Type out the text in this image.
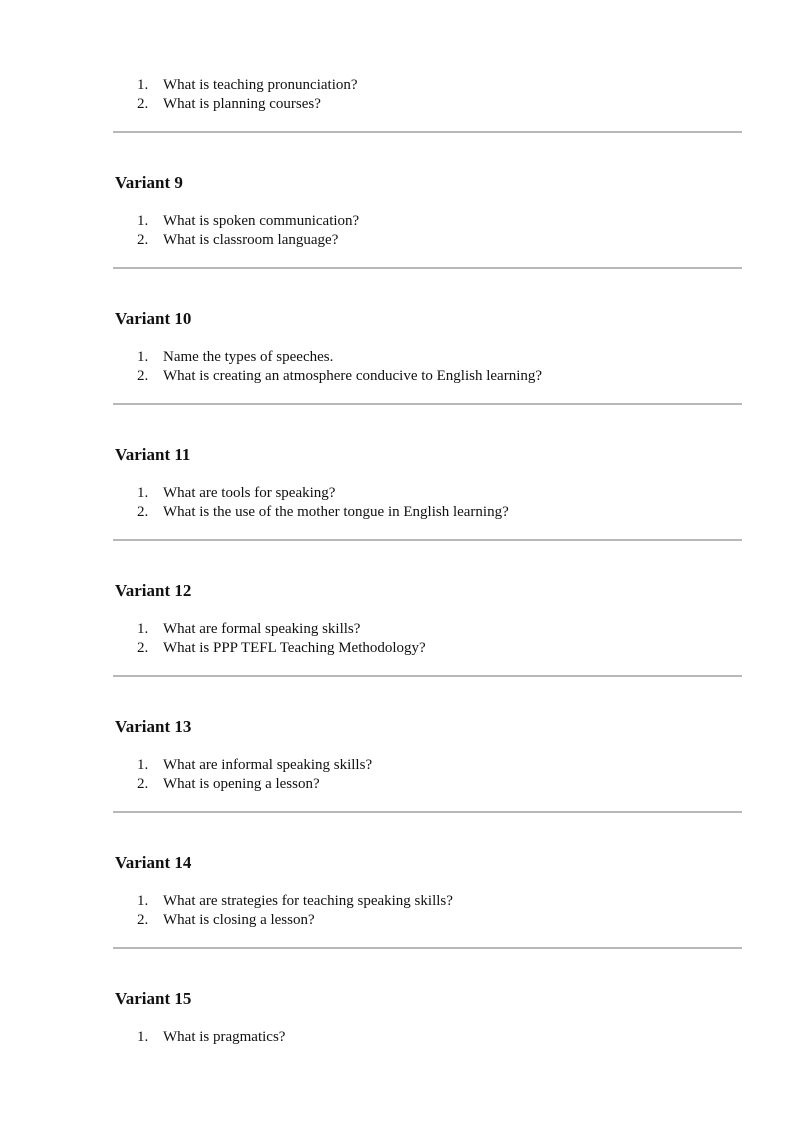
1. What is teaching pronunciation?
2. What is planning courses?
Variant 9
1. What is spoken communication?
2. What is classroom language?
Variant 10
1. Name the types of speeches.
2. What is creating an atmosphere conducive to English learning?
Variant 11
1. What are tools for speaking?
2. What is the use of the mother tongue in English learning?
Variant 12
1. What are formal speaking skills?
2. What is PPP TEFL Teaching Methodology?
Variant 13
1. What are informal speaking skills?
2. What is opening a lesson?
Variant 14
1. What are strategies for teaching speaking skills?
2. What is closing a lesson?
Variant 15
1. What is pragmatics?
